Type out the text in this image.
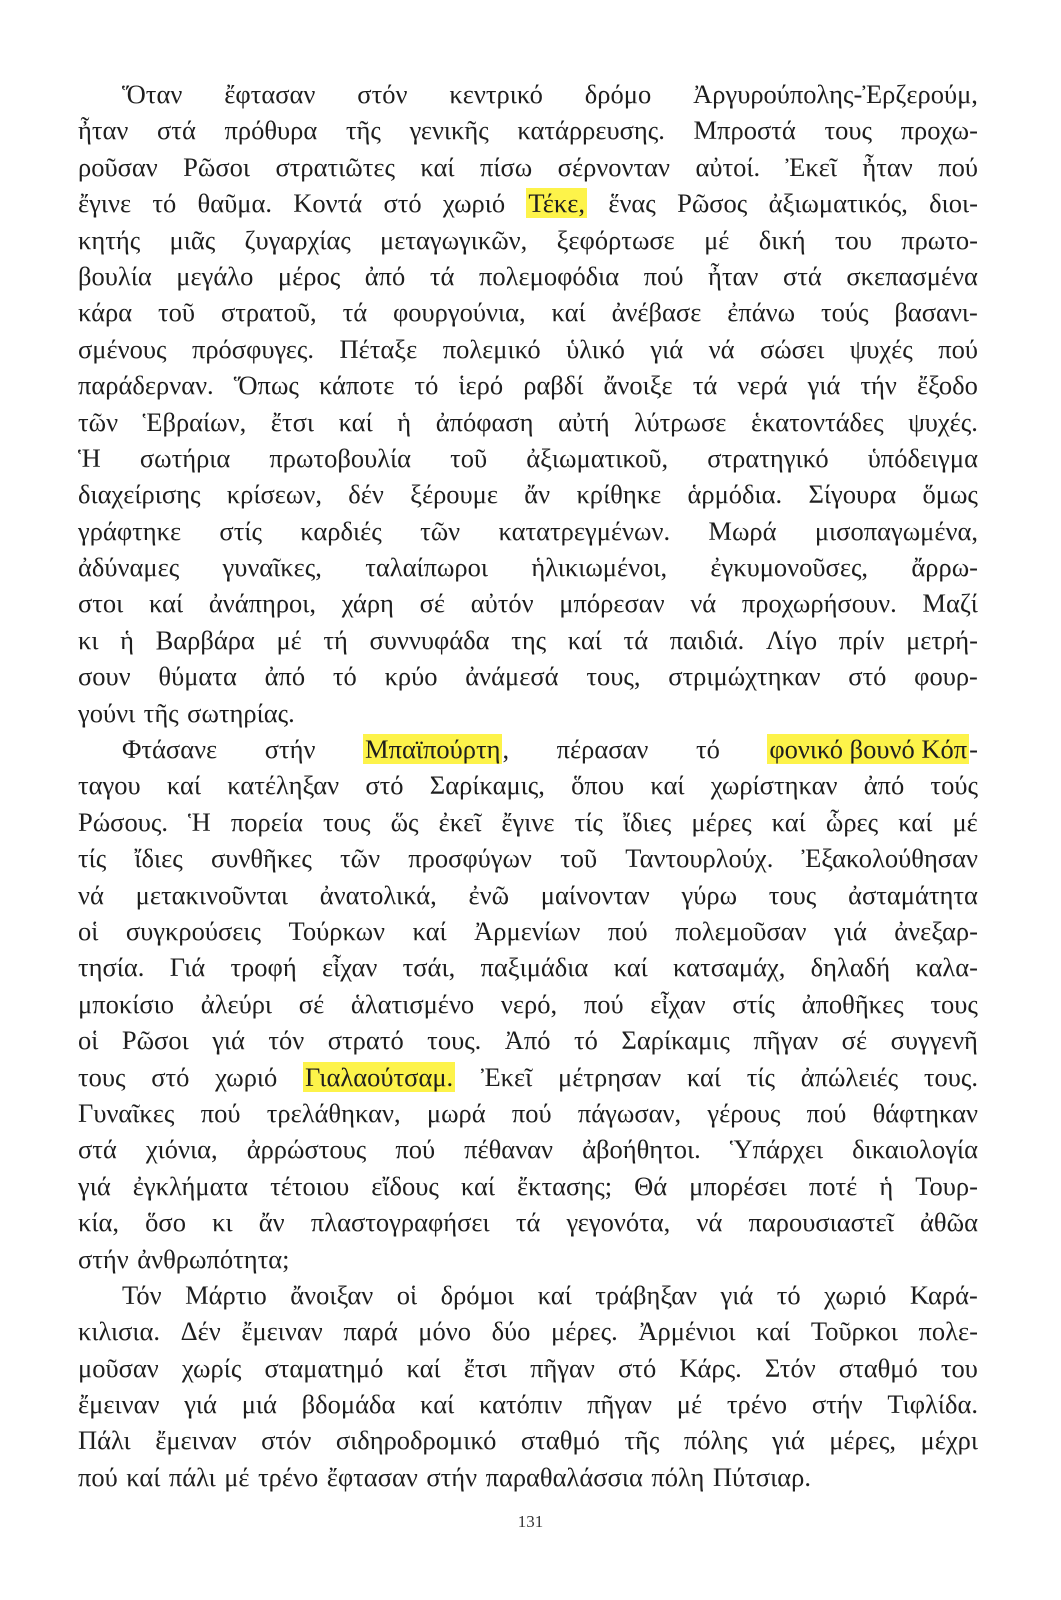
Ὅταν ἔφτασαν στόν κεντρικό δρόμο Ἀργυρούπολης-Ἐρζερούμ,
ἦταν στά πρόθυρα τῆς γενικῆς κατάρρευσης. Μπροστά τους προχω-
ροῦσαν Ρῶσοι στρατιῶτες καί πίσω σέρνονταν αὐτοί. Ἐκεῖ ἦταν πού
ἔγινε τό θαῦμα. Κοντά στό χωριό Τέκε, ἕνας Ρῶσος ἀξιωματικός, διοι-
κητής μιᾶς ζυγαρχίας μεταγωγικῶν, ξεφόρτωσε μέ δική του πρωτο-
βουλία μεγάλο μέρος ἀπό τά πολεμοφόδια πού ἦταν στά σκεπασμένα
κάρα τοῦ στρατοῦ, τά φουργούνια, καί ἀνέβασε ἐπάνω τούς βασανι-
σμένους πρόσφυγες. Πέταξε πολεμικό ὑλικό γιά νά σώσει ψυχές πού
παράδερναν. Ὅπως κάποτε τό ἱερό ραβδί ἄνοιξε τά νερά γιά τήν ἔξοδο
τῶν Ἑβραίων, ἔτσι καί ἡ ἀπόφαση αὐτή λύτρωσε ἑκατοντάδες ψυχές.
Ἡ σωτήρια πρωτοβουλία τοῦ ἀξιωματικοῦ, στρατηγικό ὑπόδειγμα
διαχείρισης κρίσεων, δέν ξέρουμε ἄν κρίθηκε ἁρμόδια. Σίγουρα ὅμως
γράφτηκε στίς καρδιές τῶν κατατρεγμένων. Μωρά μισοπαγωμένα,
ἀδύναμες γυναῖκες, ταλαίπωροι ἡλικιωμένοι, ἐγκυμονοῦσες, ἄρρω-
στοι καί ἀνάπηροι, χάρη σέ αὐτόν μπόρεσαν νά προχωρήσουν. Μαζί
κι ἡ Βαρβάρα μέ τή συννυφάδα της καί τά παιδιά. Λίγο πρίν μετρή-
σουν θύματα ἀπό τό κρύο ἀνάμεσά τους, στριμώχτηκαν στό φουρ-
γούνι τῆς σωτηρίας.
Φτάσανε στήν Μπαϊπούρτη, πέρασαν τό φονικό βουνό Κόπ-
ταγου καί κατέληξαν στό Σαρίκαμις, ὅπου καί χωρίστηκαν ἀπό τούς
Ρώσους. Ἡ πορεία τους ὥς ἐκεῖ ἔγινε τίς ἴδιες μέρες καί ὧρες καί μέ
τίς ἴδιες συνθῆκες τῶν προσφύγων τοῦ Ταντουρλούχ. Ἐξακολούθησαν
νά μετακινοῦνται ἀνατολικά, ἐνῶ μαίνονταν γύρω τους ἀσταμάτητα
οἱ συγκρούσεις Τούρκων καί Ἀρμενίων πού πολεμοῦσαν γιά ἀνεξαρ-
τησία. Γιά τροφή εἶχαν τσάι, παξιμάδια καί κατσαμάχ, δηλαδή καλα-
μποκίσιο ἀλεύρι σέ ἁλατισμένο νερό, πού εἶχαν στίς ἀποθῆκες τους
οἱ Ρῶσοι γιά τόν στρατό τους. Ἀπό τό Σαρίκαμις πῆγαν σέ συγγενῆ
τους στό χωριό Γιαλαούτσαμ. Ἐκεῖ μέτρησαν καί τίς ἀπώλειές τους.
Γυναῖκες πού τρελάθηκαν, μωρά πού πάγωσαν, γέρους πού θάφτηκαν
στά χιόνια, ἀρρώστους πού πέθαναν ἀβοήθητοι. Ὑπάρχει δικαιολογία
γιά ἐγκλήματα τέτοιου εἴδους καί ἔκτασης; Θά μπορέσει ποτέ ἡ Τουρ-
κία, ὅσο κι ἄν πλαστογραφήσει τά γεγονότα, νά παρουσιαστεῖ ἀθῶα
στήν ἀνθρωπότητα;
Τόν Μάρτιο ἄνοιξαν οἱ δρόμοι καί τράβηξαν γιά τό χωριό Καρά-
κιλισια. Δέν ἔμειναν παρά μόνο δύο μέρες. Ἀρμένιοι καί Τοῦρκοι πολε-
μοῦσαν χωρίς σταματημό καί ἔτσι πῆγαν στό Κάρς. Στόν σταθμό του
ἔμειναν γιά μιά βδομάδα καί κατόπιν πῆγαν μέ τρένο στήν Τιφλίδα.
Πάλι ἔμειναν στόν σιδηροδρομικό σταθμό τῆς πόλης γιά μέρες, μέχρι
πού καί πάλι μέ τρένο ἔφτασαν στήν παραθαλάσσια πόλη Πύτσιαρ.
131
